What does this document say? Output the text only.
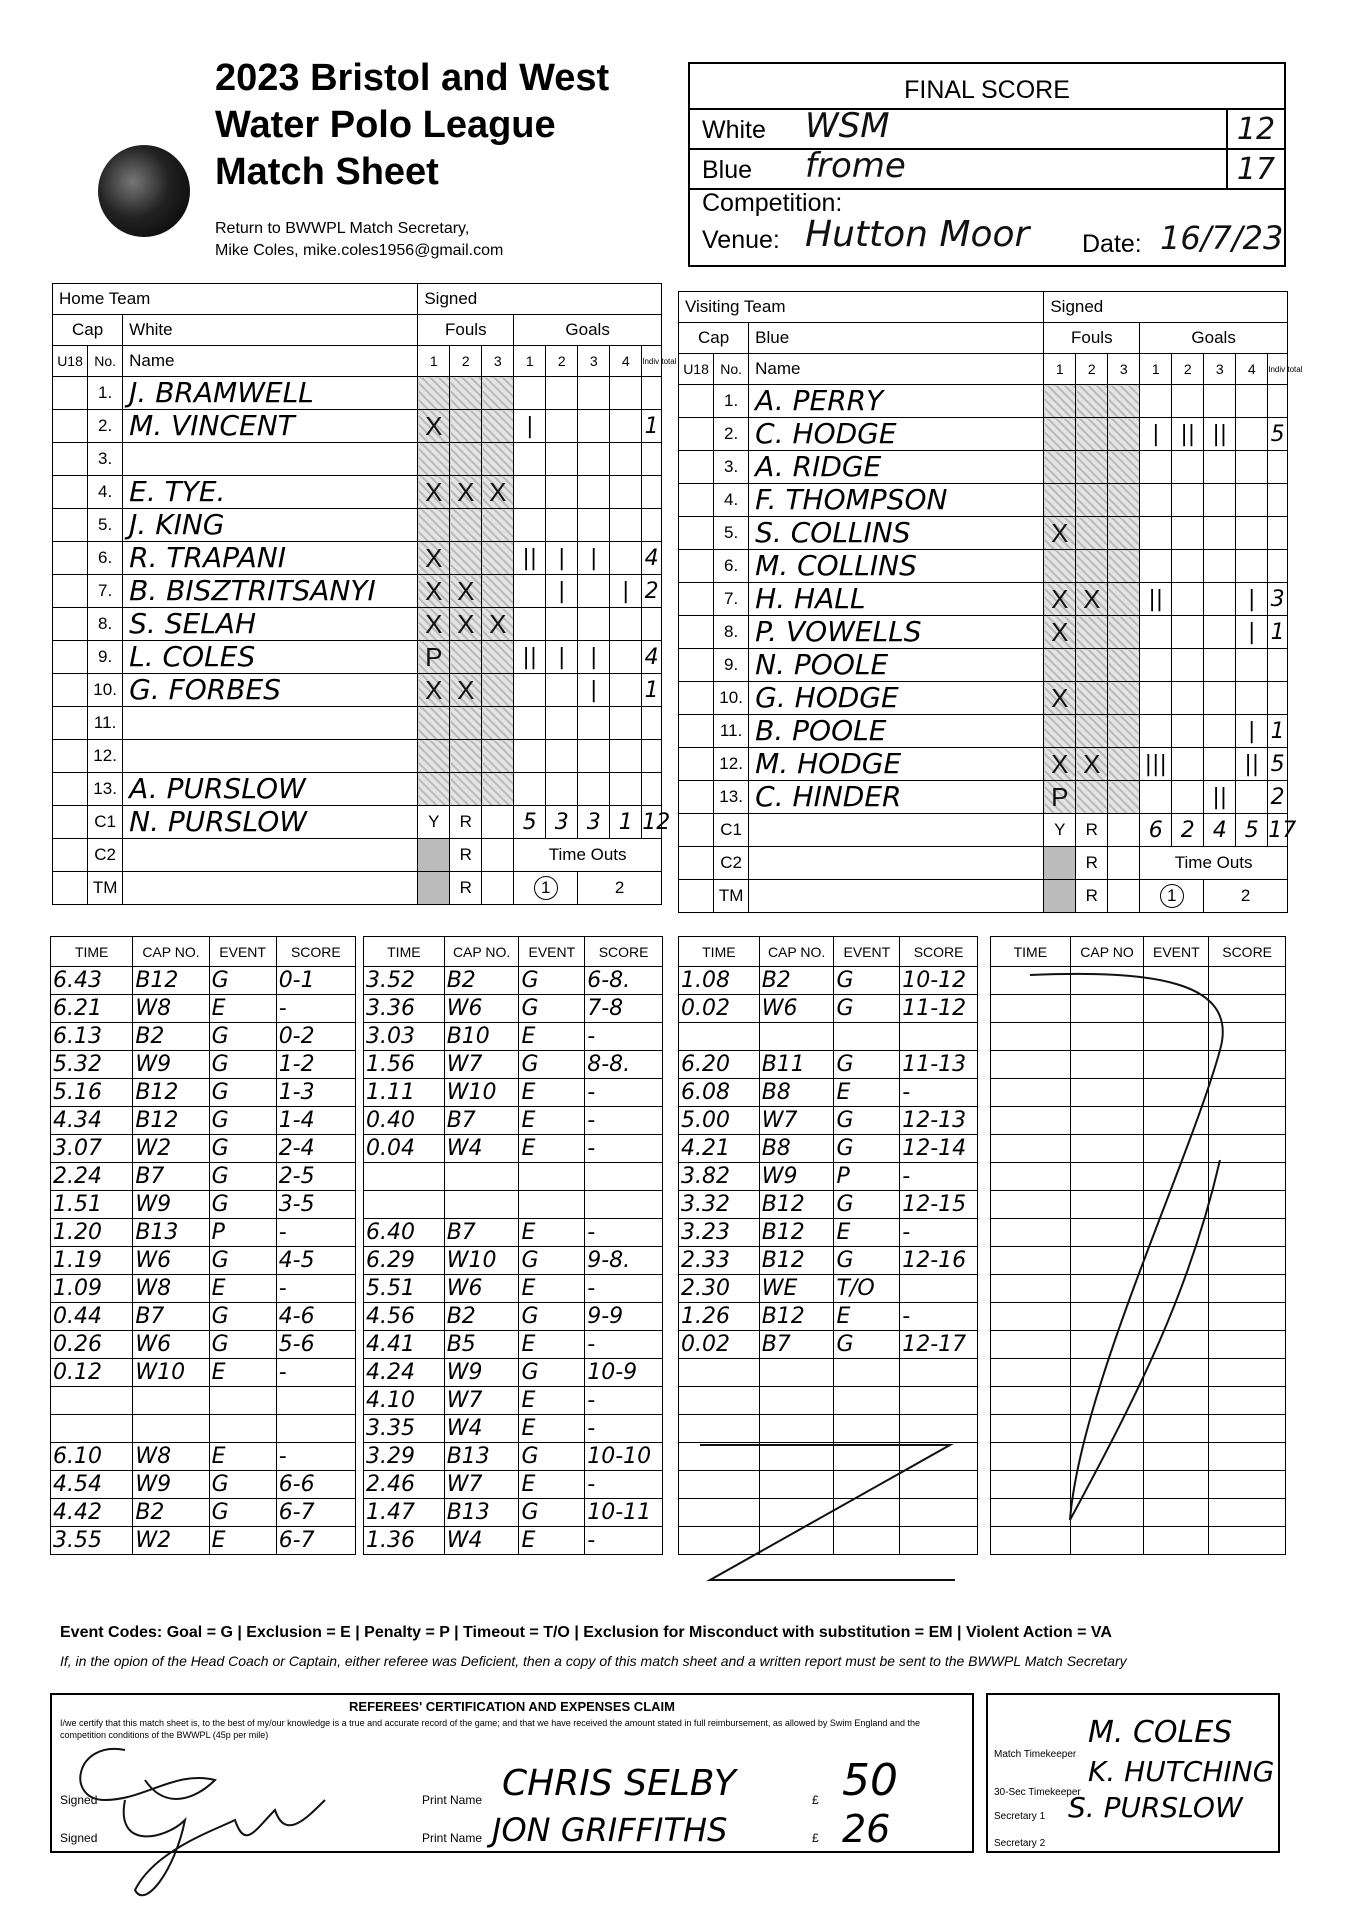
2023 Bristol and West
Water Polo League
Match Sheet
Return to BWWPL Match Secretary,
Mike Coles, mike.coles1956@gmail.com
FINAL SCORE
White WSM	12
Blue frome	17
Competition:
Venue: Hutton Moor Date: 16/7/23
Home Team			Signed							
Cap		White	Fouls			Goals				
U18	No.	Name	1	2	3	1	2	3	4	Indiv total
	1.	J. BRAMWELL								
	2.	M. VINCENT	X			|				1
	3.									
	4.	E. TYE.	X	X	X					
	5.	J. KING								
	6.	R. TRAPANI	X			||	|	|		4
	7.	B. BISZTRITSANYI	X	X			|		|	2
	8.	S. SELAH	X	X	X					
	9.	L. COLES	P			||	|	|		4
	10.	G. FORBES	X	X				|		1
	11.									
	12.									
	13.	A. PURSLOW								
	C1	N. PURSLOW	Y	R		5	3	3	1	12
	C2			R		Time Outs				
	TM			R		1		2		
Visiting Team			Signed							
Cap		Blue	Fouls			Goals				
U18	No.	Name	1	2	3	1	2	3	4	Indiv total
	1.	A. PERRY								
	2.	C. HODGE				|	||	||		5
	3.	A. RIDGE								
	4.	F. THOMPSON								
	5.	S. COLLINS	X							
	6.	M. COLLINS								
	7.	H. HALL	X	X		||			|	3
	8.	P. VOWELLS	X						|	1
	9.	N. POOLE								
	10.	G. HODGE	X							
	11.	B. POOLE							|	1
	12.	M. HODGE	X	X		|||			||	5
	13.	C. HINDER	P					||		2
	C1		Y	R		6	2	4	5	17
	C2			R		Time Outs				
	TM			R		1		2		
TIME	CAP NO.	EVENT	SCORE
6.43	B12	G	0-1
6.21	W8	E	-
6.13	B2	G	0-2
5.32	W9	G	1-2
5.16	B12	G	1-3
4.34	B12	G	1-4
3.07	W2	G	2-4
2.24	B7	G	2-5
1.51	W9	G	3-5
1.20	B13	P	-
1.19	W6	G	4-5
1.09	W8	E	-
0.44	B7	G	4-6
0.26	W6	G	5-6
0.12	W10	E	-

6.10	W8	E	-
4.54	W9	G	6-6
4.42	B2	G	6-7
3.55	W2	E	6-7
TIME	CAP NO.	EVENT	SCORE
3.52	B2	G	6-8.
3.36	W6	G	7-8
3.03	B10	E	-
1.56	W7	G	8-8.
1.11	W10	E	-
0.40	B7	E	-
0.04	W4	E	-

6.40	B7	E	-
6.29	W10	G	9-8.
5.51	W6	E	-
4.56	B2	G	9-9
4.41	B5	E	-
4.24	W9	G	10-9
4.10	W7	E	-
3.35	W4	E	-
3.29	B13	G	10-10
2.46	W7	E	-
1.47	B13	G	10-11
1.36	W4	E	-
TIME	CAP NO.	EVENT	SCORE
1.08	B2	G	10-12
0.02	W6	G	11-12

6.20	B11	G	11-13
6.08	B8	E	-
5.00	W7	G	12-13
4.21	B8	G	12-14
3.82	W9	P	-
3.32	B12	G	12-15
3.23	B12	E	-
2.33	B12	G	12-16
2.30	WE	T/O	
1.26	B12	E	-
0.02	B7	G	12-17

TIME	CAP NO	EVENT	SCORE

Event Codes: Goal = G | Exclusion = E | Penalty = P | Timeout = T/O | Exclusion for Misconduct with substitution = EM | Violent Action = VA
If, in the opion of the Head Coach or Captain, either referee was Deficient, then a copy of this match sheet and a written report must be sent to the BWWPL Match Secretary
REFEREES' CERTIFICATION AND EXPENSES CLAIM
I/we certify that this match sheet is, to the best of my/our knowledge is a true and accurate record of the game; and that we have received the amount stated in full reimbursement, as allowed by Swim England and the competition conditions of the BWWPL (45p per mile)
Signed
Signed
Print Name
Print Name
£
£
CHRIS SELBY
JON GRIFFITHS
50
26
Match Timekeeper
30-Sec Timekeeper
Secretary 1
Secretary 2
M. COLES
K. HUTCHING
S. PURSLOW
